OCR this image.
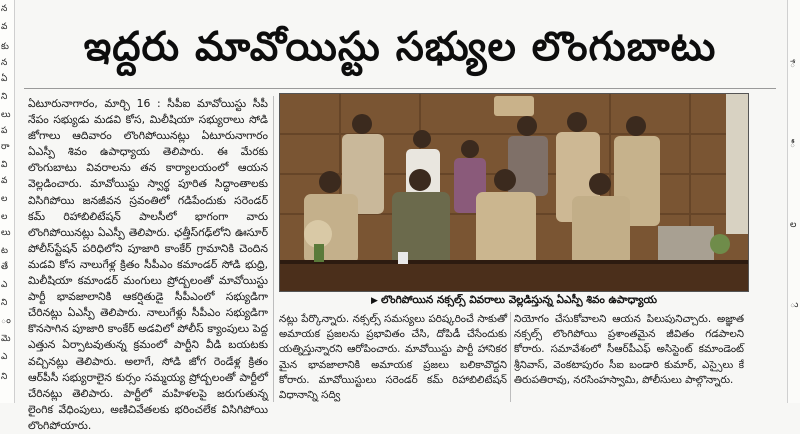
న
వ
కు
న
ఏ
ని
లు
ప
రా
వి
వ
ల
ల
లు
ట
తే
ఎ
ని
ం
మె
ఎ
ని
ే
ీ
ల
ు
ఇద్దరు మావోయిస్టు సభ్యుల లొంగుబాటు

ఏటూరునాగారం, మార్చి 16 : సీపీఐ మావోయిస్టు సీపీ నేపం సభ్యుడు మడవి కోస, మిలీషియా సభ్యురాలు సోడి జోగాలు ఆదివారం లొంగిపోయినట్లు ఏటూరునాగారం ఏఎస్పీ శివం ఉపాధ్యాయ తెలిపారు. ఈ మేరకు లొంగుబాటు వివరాలను తన కార్యాలయంలో ఆయన వెల్లడించారు. మావోయిస్టు స్వార్థ పూరిత సిద్ధాంతాలకు విసిగిపోయి జనజీవన స్రవంతిలో గడిపేందుకు సరెండర్ కమ్ రిహాబిలిటేషన్ పాలసీలో భాగంగా వారు లొంగిపోయినట్లు ఏఎస్పీ తెలిపారు. ఛత్తీస్‌గఢ్‌లోని ఊసూర్ పోలీస్‌స్టేషన్ పరిధిలోని పూజారి కాంకేర్ గ్రామానికి చెందిన మడవి కోస నాలుగేళ్ల క్రితం సీపీఎం కమాండర్ సోడి భుధ్రి, మిలీషియా కమాండర్ మంగులు ప్రోద్బలంతో మావోయిస్టు పార్టీ భావజాలానికి ఆకర్షితుడై సీపీఎంలో సభ్యుడిగా చేరినట్లు ఏఎస్పీ తెలిపారు. నాలుగేళ్లు సీపీఎం సభ్యుడిగా కొనసాగిన పూజారి కాంకేర్ అడవిలో పోలీస్ క్యాంపులు పెద్ద ఎత్తున ఏర్పాటవుతున్న క్రమంలో పార్టీని వీడి బయటకు వచ్చినట్లు తెలిపారు. అలాగే, సోడి జోగ రెండేళ్ల క్రితం ఆర్‌పీసీ సభ్యురాలైన కుర్సం సమ్మయ్య ప్రోద్బలంతో పార్టీలో చేరినట్లు తెలిపారు. పార్టీలో మహిళలపై జరుగుతున్న లైంగిక వేధింపులు, అణిచివేతలకు భరించలేక విసిగిపోయి లొంగిపోయారు.

▶ లొంగిపోయిన నక్సల్స్ వివరాలు వెల్లడిస్తున్న ఏఎస్పీ శివం ఉపాధ్యాయ

నట్లు పేర్కొన్నారు. నక్సల్స్ సమస్యలు పరిష్కరించే సాకుతో అమాయక ప్రజలను ప్రభావితం చేసి, దోపిడీ చేసేందుకు యత్నిస్తున్నారని ఆరోపించారు. మావోయిస్టు పార్టీ హానికర మైన భావజాలానికి అమాయక ప్రజలు బలికావొద్దని కోరారు. మావోయిస్టులు సరెండర్ కమ్ రిహాబిలిటేషన్ విధానాన్ని సద్వి

నియోగం చేసుకోవాలని ఆయన పిలుపునిచ్చారు. అజ్ఞాత నక్సల్స్ లొంగిపోయి ప్రశాంతమైన జీవితం గడపాలని కోరారు. సమావేశంలో సీఆర్‌పీఎఫ్ అసిస్టెంట్ కమాండెంట్ శ్రీనివాస్, వెంకటాపురం సీఐ బండారి కుమార్, ఎస్సైలు కే తిరుపతిరావు, నరసింహస్వామి, పోలీసులు పాల్గొన్నారు.
